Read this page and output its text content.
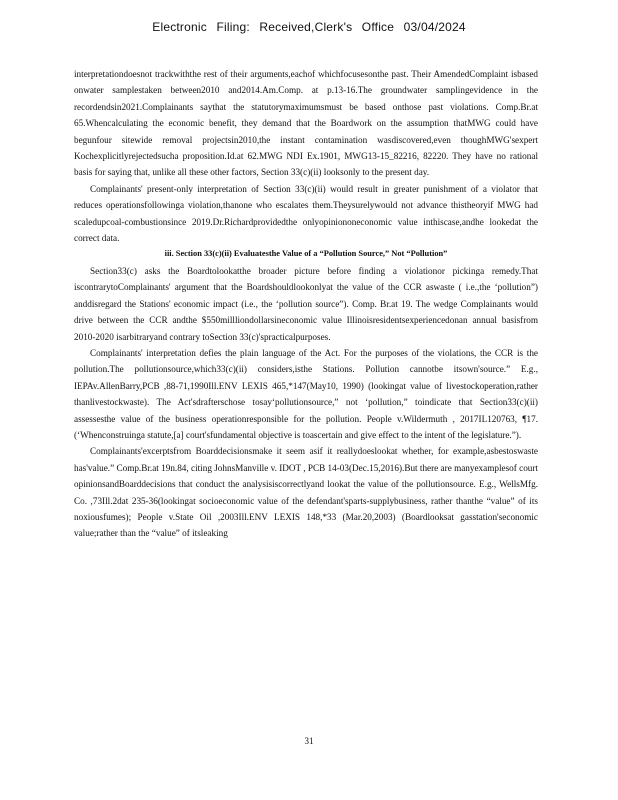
Electronic Filing: Received,Clerk's Office 03/04/2024

interpretationdoesnot trackwiththe rest of their arguments,eachof whichfocusesonthe past. Their AmendedComplaint isbased onwater samplestaken between2010 and2014.Am.Comp. at p.13-16.The groundwater samplingevidence in the recordendsin2021.Complainants saythat the statutorymaximumsmust be based onthose past violations. Comp.Br.at 65.Whencalculating the economic benefit, they demand that the Boardwork on the assumption thatMWG could have begunfour sitewide removal projectsin2010,the instant contamination wasdiscovered,even thoughMWG'sexpert Kochexplicitlyrejectedsucha proposition.Id.at 62.MWG NDI Ex.1901, MWG13-15_82216, 82220. They have no rational basis for saying that, unlike all these other factors, Section 33(c)(ii) looksonly to the present day.

Complainants' present-only interpretation of Section 33(c)(ii) would result in greater punishment of a violator that reduces operationsfollowinga violation,thanone who escalates them.Theysurelywould not advance thistheoryif MWG had scaledupcoal-combustionsince 2019.Dr.Richardprovidedthe onlyopiniononeconomic value inthiscase,andhe lookedat the correct data.

iii. Section 33(c)(ii) Evaluatesthe Value of a “Pollution Source,” Not “Pollution”

Section33(c) asks the Boardtolookatthe broader picture before finding a violationor pickinga remedy.That iscontrarytoComplainants' argument that the Boardshouldlookonlyat the value of the CCR aswaste ( i.e.,the ‘pollution”) anddisregard the Stations' economic impact (i.e., the ‘pollution source”). Comp. Br.at 19. The wedge Complainants would drive between the CCR andthe $550millliondollarsineconomic value Illinoisresidentsexperiencedonan annual basisfrom 2010-2020 isarbitraryand contrary toSection 33(c)'spracticalpurposes.

Complainants' interpretation defies the plain language of the Act. For the purposes of the violations, the CCR is the pollution.The pollutionsource,which33(c)(ii) considers,isthe Stations. Pollution cannotbe itsown'source.” E.g., IEPAv.AllenBarry,PCB ,88-71,1990Ill.ENV LEXIS 465,*147(May10, 1990) (lookingat value of livestockoperation,rather thanlivestockwaste). The Act'sdrafterschose tosay‘pollutionsource,” not ‘pollution,” toindicate that Section33(c)(ii) assessesthe value of the business operationresponsible for the pollution. People v.Wildermuth , 2017IL120763, ¶17. (‘Whenconstruinga statute,[a] court'sfundamental objective is toascertain and give effect to the intent of the legislature.”).

Complainants'excerptsfrom Boarddecisionsmake it seem asif it reallydoeslookat whether, for example,asbestoswaste has'value.” Comp.Br.at 19n.84, citing JohnsManville v. IDOT , PCB 14-03(Dec.15,2016).But there are manyexamplesof court opinionsandBoarddecisions that conduct the analysisiscorrectlyand lookat the value of the pollutionsource. E.g., WellsMfg. Co. ,73Ill.2dat 235-36(lookingat socioeconomic value of the defendant'sparts-supplybusiness, rather thanthe “value” of its noxiousfumes); People v.State Oil ,2003Ill.ENV LEXIS 148,*33 (Mar.20,2003) (Boardlooksat gasstation'seconomic value;rather than the “value” of itsleaking

31
